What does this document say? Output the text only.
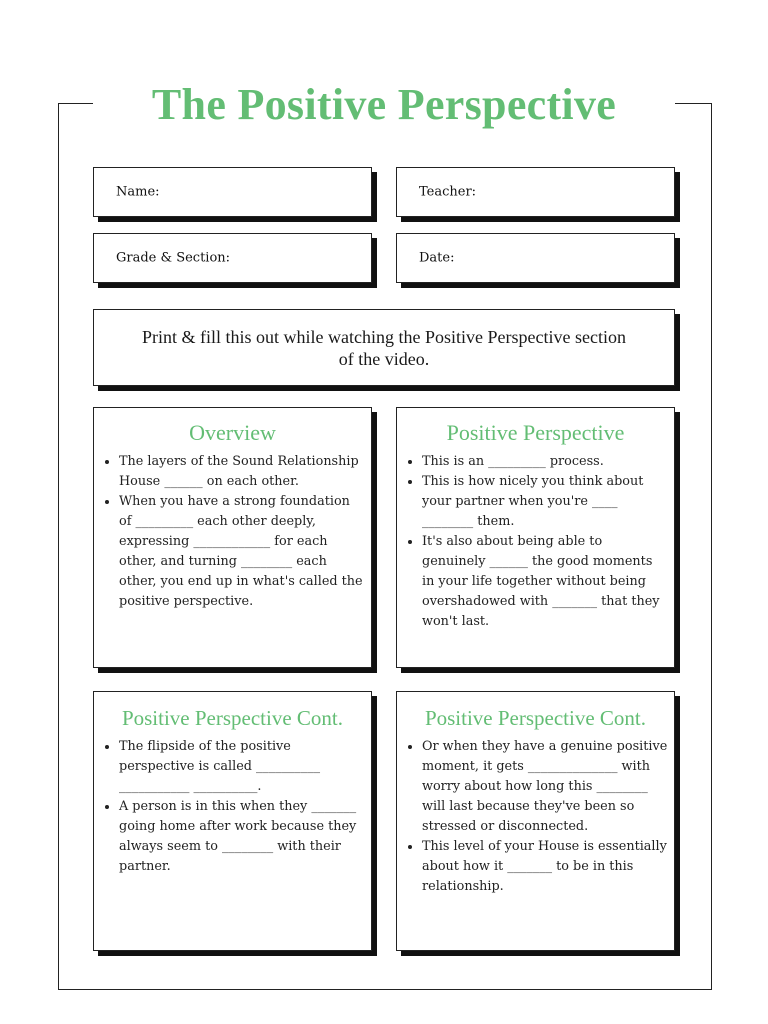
The Positive Perspective
Name:	Teacher:
Grade & Section:	Date:
Print & fill this out while watching the Positive Perspective section of the video.
Overview
• The layers of the Sound Relationship House ______ on each other.
• When you have a strong foundation of _________ each other deeply, expressing ____________ for each other, and turning ________ each other, you end up in what's called the positive perspective.
Positive Perspective
• This is an _________ process.
• This is how nicely you think about your partner when you're ____ ________ them.
• It's also about being able to genuinely ______ the good moments in your life together without being overshadowed with _______ that they won't last.
Positive Perspective Cont.
• The flipside of the positive perspective is called __________ ___________ __________.
• A person is in this when they _______ going home after work because they always seem to ________ with their partner.
Positive Perspective Cont.
• Or when they have a genuine positive moment, it gets ______________ with worry about how long this ________ will last because they've been so stressed or disconnected.
• This level of your House is essentially about how it _______ to be in this relationship.
